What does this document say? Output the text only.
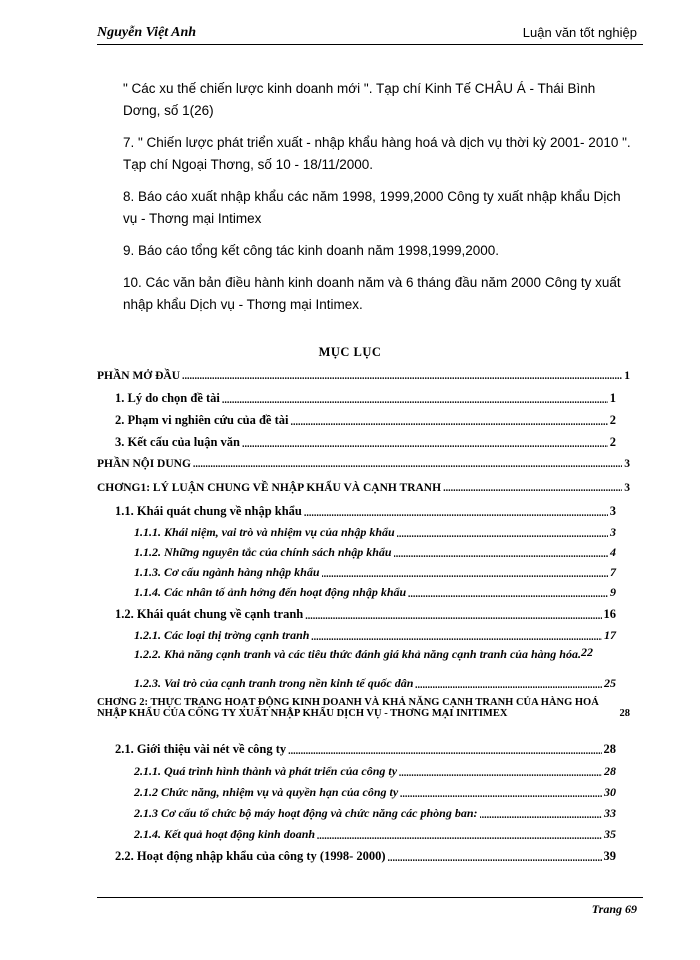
Nguyễn Việt Anh	Luận văn tốt nghiệp

" Các xu thế chiến lược kinh doanh mới ". Tạp chí Kinh Tế CHÂU Á - Thái Bình Dơng, số 1(26)

7. " Chiến lược phát triển xuất - nhập khẩu hàng hoá và dịch vụ thời kỳ 2001- 2010 ". Tạp chí Ngoại Thơng, số 10 - 18/11/2000.

8. Báo cáo xuất nhập khẩu các năm 1998, 1999,2000 Công ty xuất nhập khẩu Dịch vụ - Thơng mại Intimex

9. Báo cáo tổng kết công tác kinh doanh năm 1998,1999,2000.

10. Các văn bản điều hành kinh doanh năm và 6 tháng đầu năm 2000 Công ty xuất nhập khẩu Dịch vụ - Thơng mại Intimex.

MỤC LỤC
PHẦN MỞ ĐẦU .....	1
1. Lý do chọn đề tài .....	1
2. Phạm vi nghiên cứu của đề tài .....	2
3. Kết cấu của luận văn .....	2
PHẦN NỘI DUNG .....	3
CHƠNG1: LÝ LUẬN CHUNG VỀ NHẬP KHẨU VÀ CẠNH TRANH .....	3
1.1. Khái quát chung về nhập khẩu .....	3
1.1.1. Khái niệm, vai trò và nhiệm vụ của nhập khẩu .....	3
1.1.2. Những nguyên tắc của chính sách nhập khẩu .....	4
1.1.3. Cơ cấu ngành hàng nhập khẩu .....	7
1.1.4. Các nhân tố ảnh hởng đến hoạt động nhập khẩu .....	9
1.2. Khái quát chung về cạnh tranh .....	16
1.2.1. Các loại thị trờng cạnh tranh .....	17
1.2.2. Khả năng cạnh tranh và các tiêu thức đánh giá khả năng cạnh tranh của hàng hóa. 22
1.2.3. Vai trò của cạnh tranh trong nền kinh tế quốc dân .....	25
CHƠNG 2: THỰC TRẠNG HOẠT ĐỘNG KINH DOANH VÀ KHẢ NĂNG CẠNH TRANH CỦA HÀNG HOÁ NHẬP KHẨU CỦA CÔNG TY XUẤT NHẬP KHẨU DỊCH VỤ - THƠNG MẠI INITIMEX	28
2.1. Giới thiệu vài nét về công ty .....	28
2.1.1. Quá trình hình thành và phát triển của công ty .....	28
2.1.2 Chức năng, nhiệm vụ và quyền hạn của công ty .....	30
2.1.3 Cơ cấu tổ chức bộ máy hoạt động và chức năng các phòng ban: .....	33
2.1.4. Kết quả hoạt động kinh doanh .....	35
2.2. Hoạt động nhập khẩu của công ty (1998- 2000) .....	39
Trang 69
